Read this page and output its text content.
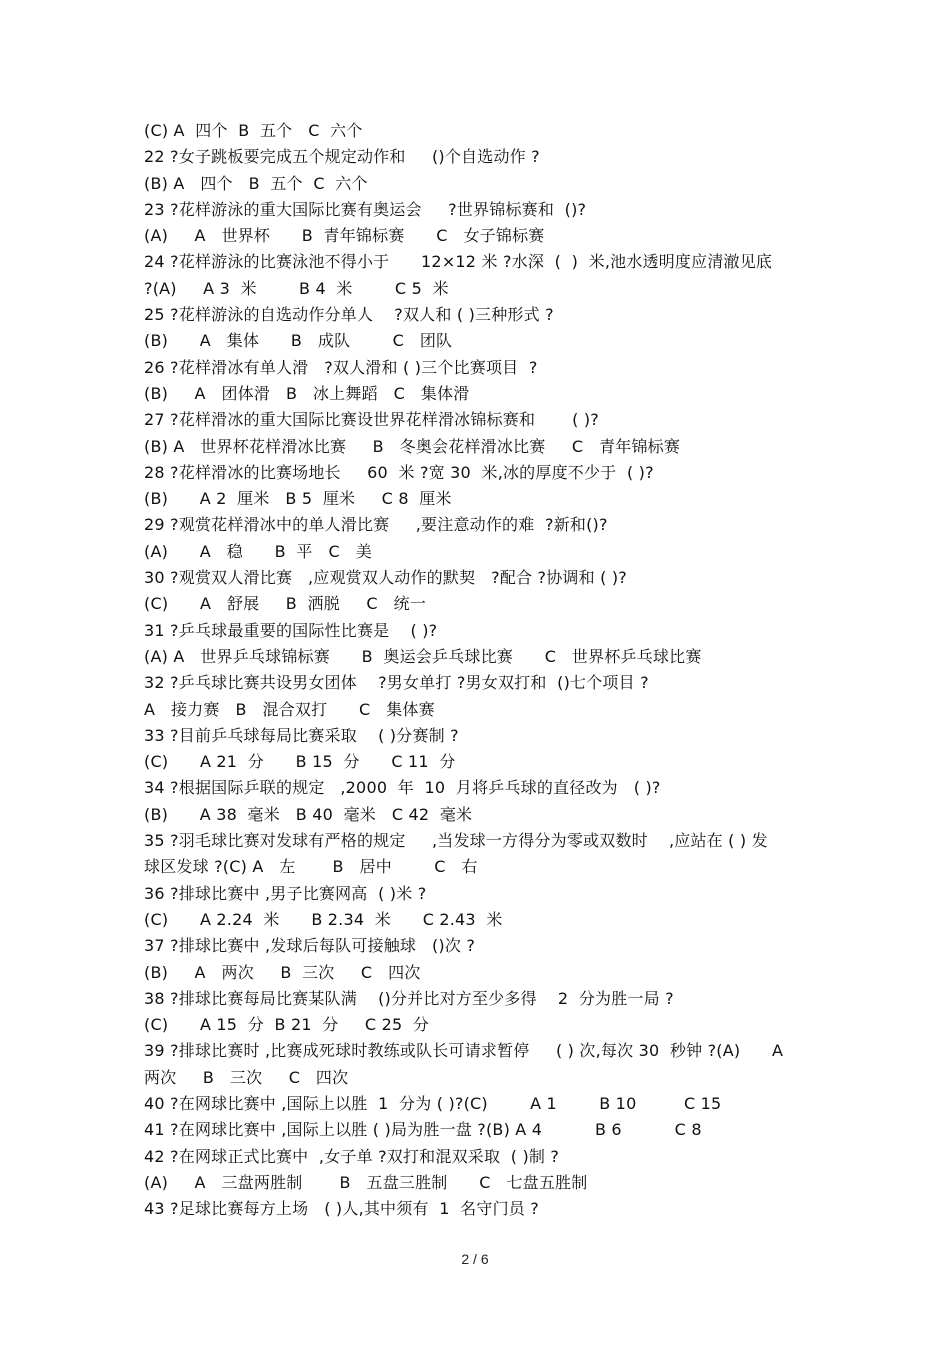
(C) A  四个  B  五个   C  六个
22 ?女子跳板要完成五个规定动作和     ()个自选动作 ?
(B) A   四个   B  五个  C  六个
23 ?花样游泳的重大国际比赛有奥运会     ?世界锦标赛和  ()?
(A)     A   世界杯      B  青年锦标赛      C   女子锦标赛
24 ?花样游泳的比赛泳池不得小于      12×12 米 ?水深  (  )  米,池水透明度应清澈见底
?(A)     A 3  米        B 4  米        C 5  米
25 ?花样游泳的自选动作分单人    ?双人和 ( )三种形式 ?
(B)      A   集体      B   成队        C   团队
26 ?花样滑冰有单人滑   ?双人滑和 ( )三个比赛项目  ?
(B)     A   团体滑   B   冰上舞蹈   C   集体滑
27 ?花样滑冰的重大国际比赛设世界花样滑冰锦标赛和       ( )?
(B) A   世界杯花样滑冰比赛     B   冬奥会花样滑冰比赛     C   青年锦标赛
28 ?花样滑冰的比赛场地长     60  米 ?宽 30  米,冰的厚度不少于  ( )?
(B)      A 2  厘米   B 5  厘米     C 8  厘米
29 ?观赏花样滑冰中的单人滑比赛     ,要注意动作的难  ?新和()?
(A)      A   稳      B  平   C   美
30 ?观赏双人滑比赛   ,应观赏双人动作的默契   ?配合 ?协调和 ( )?
(C)      A   舒展     B  洒脱     C   统一
31 ?乒乓球最重要的国际性比赛是    ( )?
(A) A   世界乒乓球锦标赛      B  奥运会乒乓球比赛      C   世界杯乒乓球比赛
32 ?乒乓球比赛共设男女团体    ?男女单打 ?男女双打和  ()七个项目 ?
A   接力赛   B   混合双打      C   集体赛
33 ?目前乒乓球每局比赛采取    ( )分赛制 ?
(C)      A 21  分      B 15  分      C 11  分
34 ?根据国际乒联的规定   ,2000  年  10  月将乒乓球的直径改为   ( )?
(B)      A 38  毫米   B 40  毫米   C 42  毫米
35 ?羽毛球比赛对发球有严格的规定     ,当发球一方得分为零或双数时    ,应站在 ( ) 发
球区发球 ?(C) A   左       B   居中        C   右
36 ?排球比赛中 ,男子比赛网高  ( )米 ?
(C)      A 2.24  米      B 2.34  米      C 2.43  米
37 ?排球比赛中 ,发球后每队可接触球   ()次 ?
(B)     A   两次     B  三次     C   四次
38 ?排球比赛每局比赛某队满    ()分并比对方至少多得    2  分为胜一局 ?
(C)      A 15  分  B 21  分     C 25  分
39 ?排球比赛时 ,比赛成死球时教练或队长可请求暂停     ( ) 次,每次 30  秒钟 ?(A)      A
两次     B   三次     C   四次
40 ?在网球比赛中 ,国际上以胜  1  分为 ( )?(C)        A 1        B 10         C 15
41 ?在网球比赛中 ,国际上以胜 ( )局为胜一盘 ?(B) A 4          B 6          C 8
42 ?在网球正式比赛中  ,女子单 ?双打和混双采取  ( )制 ?
(A)     A   三盘两胜制       B   五盘三胜制      C   七盘五胜制
43 ?足球比赛每方上场   ( )人,其中须有  1  名守门员 ?
2 / 6
